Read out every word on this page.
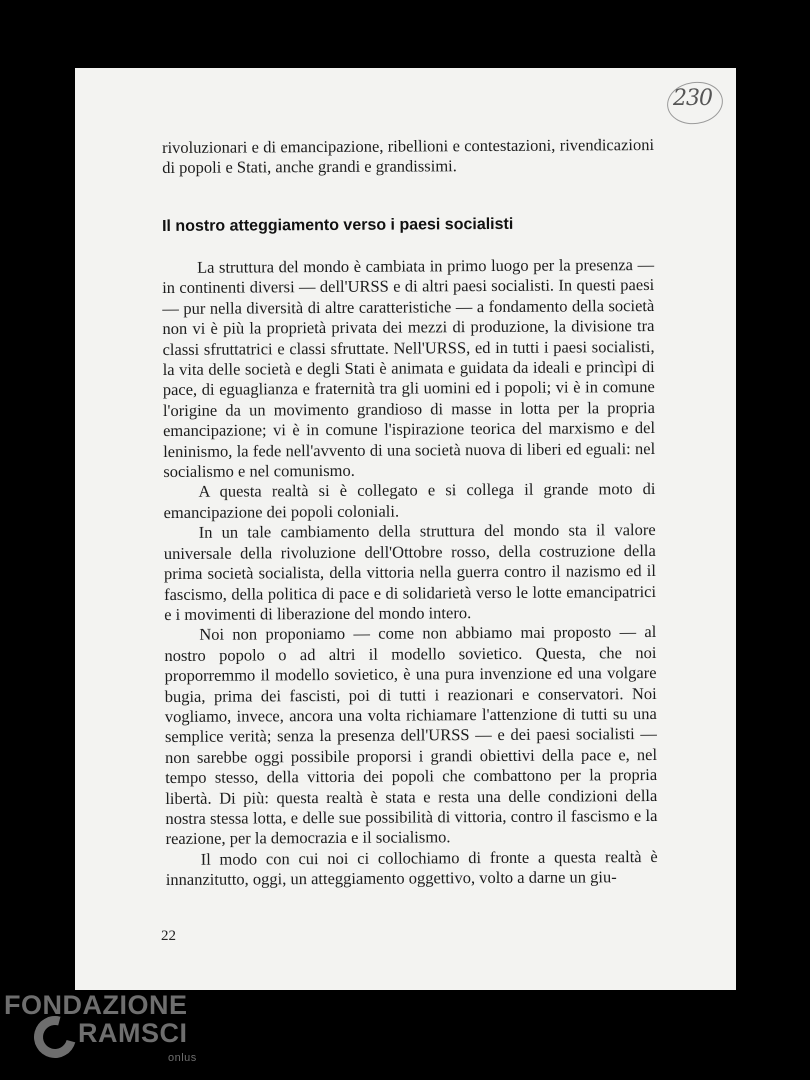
230

rivoluzionari e di emancipazione, ribellioni e contestazioni, rivendicazioni di popoli e Stati, anche grandi e grandissimi.

Il nostro atteggiamento verso i paesi socialisti

La struttura del mondo è cambiata in primo luogo per la presenza — in continenti diversi — dell'URSS e di altri paesi socialisti. In questi paesi — pur nella diversità di altre caratteristiche — a fondamento della società non vi è più la proprietà privata dei mezzi di produzione, la divisione tra classi sfruttatrici e classi sfruttate. Nell'URSS, ed in tutti i paesi socialisti, la vita delle società e degli Stati è animata e guidata da ideali e princìpi di pace, di eguaglianza e fraternità tra gli uomini ed i popoli; vi è in comune l'origine da un movimento grandioso di masse in lotta per la propria emancipazione; vi è in comune l'ispirazione teorica del marxismo e del leninismo, la fede nell'avvento di una società nuova di liberi ed eguali: nel socialismo e nel comunismo.

A questa realtà si è collegato e si collega il grande moto di emancipazione dei popoli coloniali.

In un tale cambiamento della struttura del mondo sta il valore universale della rivoluzione dell'Ottobre rosso, della costruzione della prima società socialista, della vittoria nella guerra contro il nazismo ed il fascismo, della politica di pace e di solidarietà verso le lotte emancipatrici e i movimenti di liberazione del mondo intero.

Noi non proponiamo — come non abbiamo mai proposto — al nostro popolo o ad altri il modello sovietico. Questa, che noi proporremmo il modello sovietico, è una pura invenzione ed una volgare bugia, prima dei fascisti, poi di tutti i reazionari e conservatori. Noi vogliamo, invece, ancora una volta richiamare l'attenzione di tutti su una semplice verità; senza la presenza dell'URSS — e dei paesi socialisti — non sarebbe oggi possibile proporsi i grandi obiettivi della pace e, nel tempo stesso, della vittoria dei popoli che combattono per la propria libertà. Di più: questa realtà è stata e resta una delle condizioni della nostra stessa lotta, e delle sue possibilità di vittoria, contro il fascismo e la reazione, per la democrazia e il socialismo.

Il modo con cui noi ci collochiamo di fronte a questa realtà è innanzitutto, oggi, un atteggiamento oggettivo, volto a darne un giu-

22
FONDAZIONE
RAMSCI
onlus
